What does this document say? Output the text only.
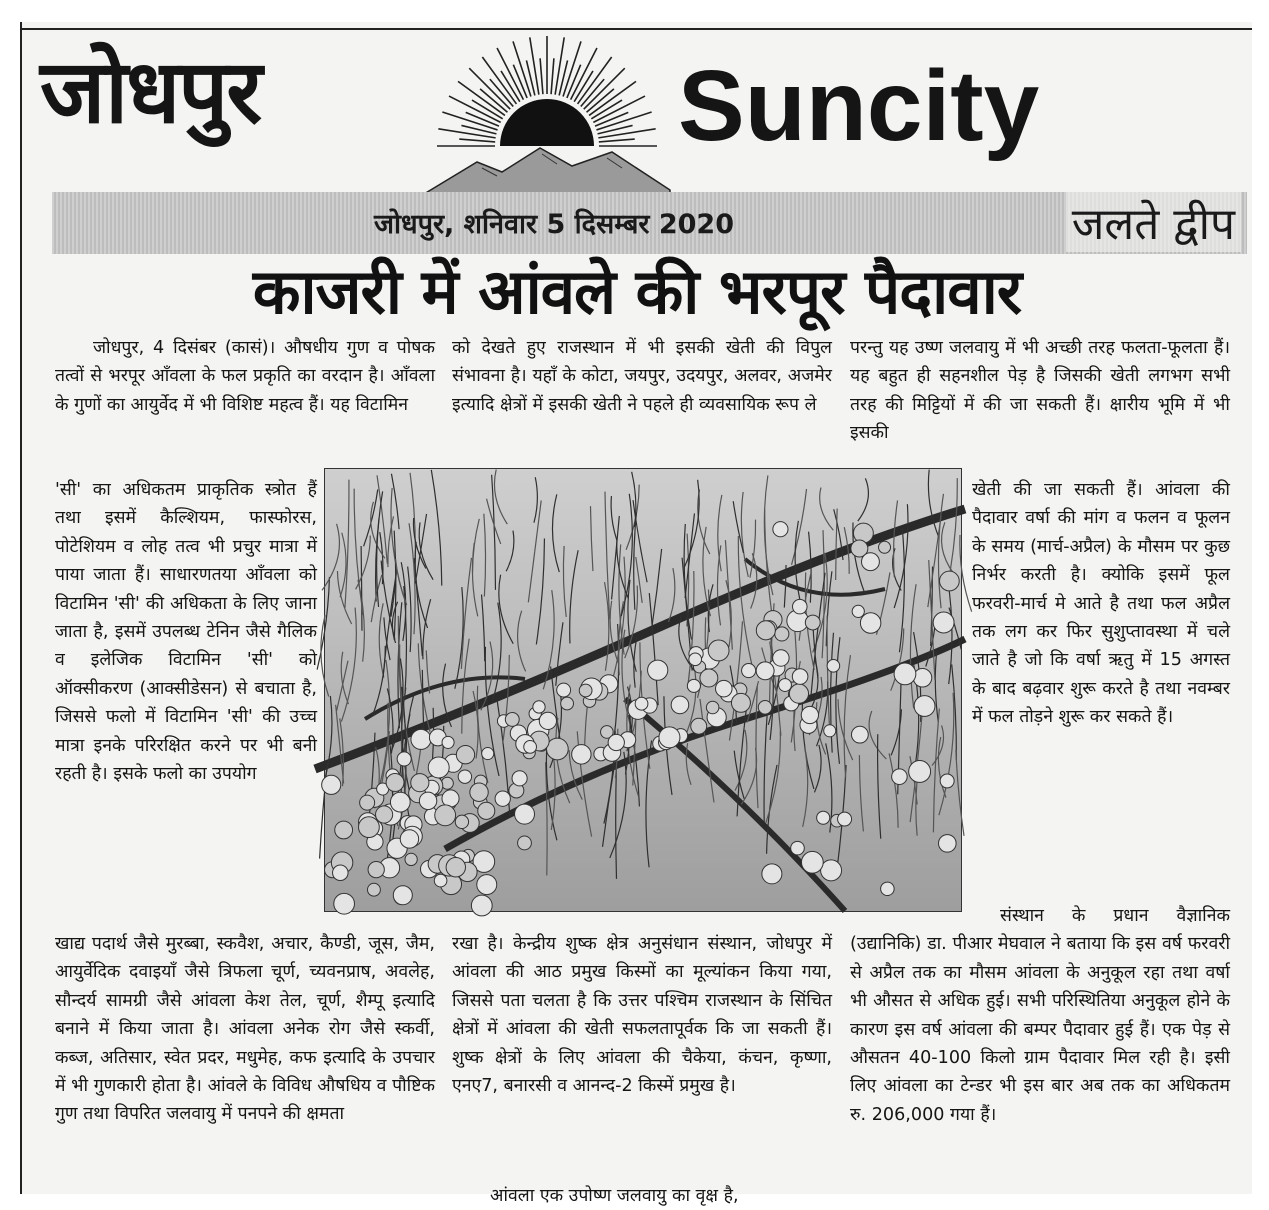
जोधपुर	Suncity
जोधपुर, शनिवार 5 दिसम्बर 2020	जलते द्वीप
काजरी में आंवले की भरपूर पैदावार
जोधपुर, 4 दिसंबर (कासं)। औषधीय गुण व पोषक तत्वों से भरपूर आँवला के फल प्रकृति का वरदान है। आँवला के गुणों का आयुर्वेद में भी विशिष्ट महत्व हैं। यह विटामिन
'सी' का अधिकतम प्राकृतिक स्त्रोत हैं तथा इसमें कैल्शियम, फास्फोरस, पोटेशियम व लोह तत्व भी प्रचुर मात्रा में पाया जाता हैं। साधारणतया आँवला को विटामिन 'सी' की अधिकता के लिए जाना जाता है, इसमें उपलब्ध टेनिन जैसे गैलिक व इलेजिक विटामिन 'सी' को ऑक्सीकरण (आक्सीडेसन) से बचाता है, जिससे फलो में विटामिन 'सी' की उच्च मात्रा इनके परिरक्षित करने पर भी बनी रहती है। इसके फलो का उपयोग
खाद्य पदार्थ जैसे मुरब्बा, स्कवैश, अचार, कैण्डी, जूस, जैम, आयुर्वेदिक दवाइयाँ जैसे त्रिफला चूर्ण, च्यवनप्राष, अवलेह, सौन्दर्य सामग्री जैसे आंवला केश तेल, चूर्ण, शैम्पू इत्यादि बनाने में किया जाता है। आंवला अनेक रोग जैसे स्कर्वी, कब्ज, अतिसार, स्वेत प्रदर, मधुमेह, कफ इत्यादि के उपचार में भी गुणकारी होता है। आंवले के विविध औषधिय व पौष्टिक गुण तथा विपरित जलवायु में पनपने की क्षमता
को देखते हुए राजस्थान में भी इसकी खेती की विपुल संभावना है। यहाँ के कोटा, जयपुर, उदयपुर, अलवर, अजमेर इत्यादि क्षेत्रों में इसकी खेती ने पहले ही व्यवसायिक रूप ले
रखा है। केन्द्रीय शुष्क क्षेत्र अनुसंधान संस्थान, जोधपुर में आंवला की आठ प्रमुख किस्मों का मूल्यांकन किया गया, जिससे पता चलता है कि उत्तर पश्चिम राजस्थान के सिंचित क्षेत्रों में आंवला की खेती सफलतापूर्वक कि जा सकती हैं। शुष्क क्षेत्रों के लिए आंवला की चैकेया, कंचन, कृष्णा, एनए7, बनारसी व आनन्द-2 किस्में प्रमुख है।
आंवला एक उपोष्ण जलवायु का वृक्ष है,
परन्तु यह उष्ण जलवायु में भी अच्छी तरह फलता-फूलता हैं। यह बहुत ही सहनशील पेड़ है जिसकी खेती लगभग सभी तरह की मिट्टियों में की जा सकती हैं। क्षारीय भूमि में भी इसकी
खेती की जा सकती हैं। आंवला की पैदावार वर्षा की मांग व फलन व फूलन के समय (मार्च-अप्रैल) के मौसम पर कुछ निर्भर करती है। क्योकि इसमें फूल फरवरी-मार्च मे आते है तथा फल अप्रैल तक लग कर फिर सुशुप्तावस्था में चले जाते है जो कि वर्षा ऋतु में 15 अगस्त के बाद बढ़वार शुरू करते है तथा नवम्बर में फल तोड़ने शुरू कर सकते हैं।
संस्थान के प्रधान वैज्ञानिक (उद्यानिकि) डा. पीआर मेघवाल ने बताया कि इस वर्ष फरवरी से अप्रैल तक का मौसम आंवला के अनुकूल रहा तथा वर्षा भी औसत से अधिक हुई। सभी परिस्थितिया अनुकूल होने के कारण इस वर्ष आंवला की बम्पर पैदावार हुई हैं। एक पेड़ से औसतन 40-100 किलो ग्राम पैदावार मिल रही है। इसी लिए आंवला का टेन्डर भी इस बार अब तक का अधिकतम रु. 206,000 गया हैं।
